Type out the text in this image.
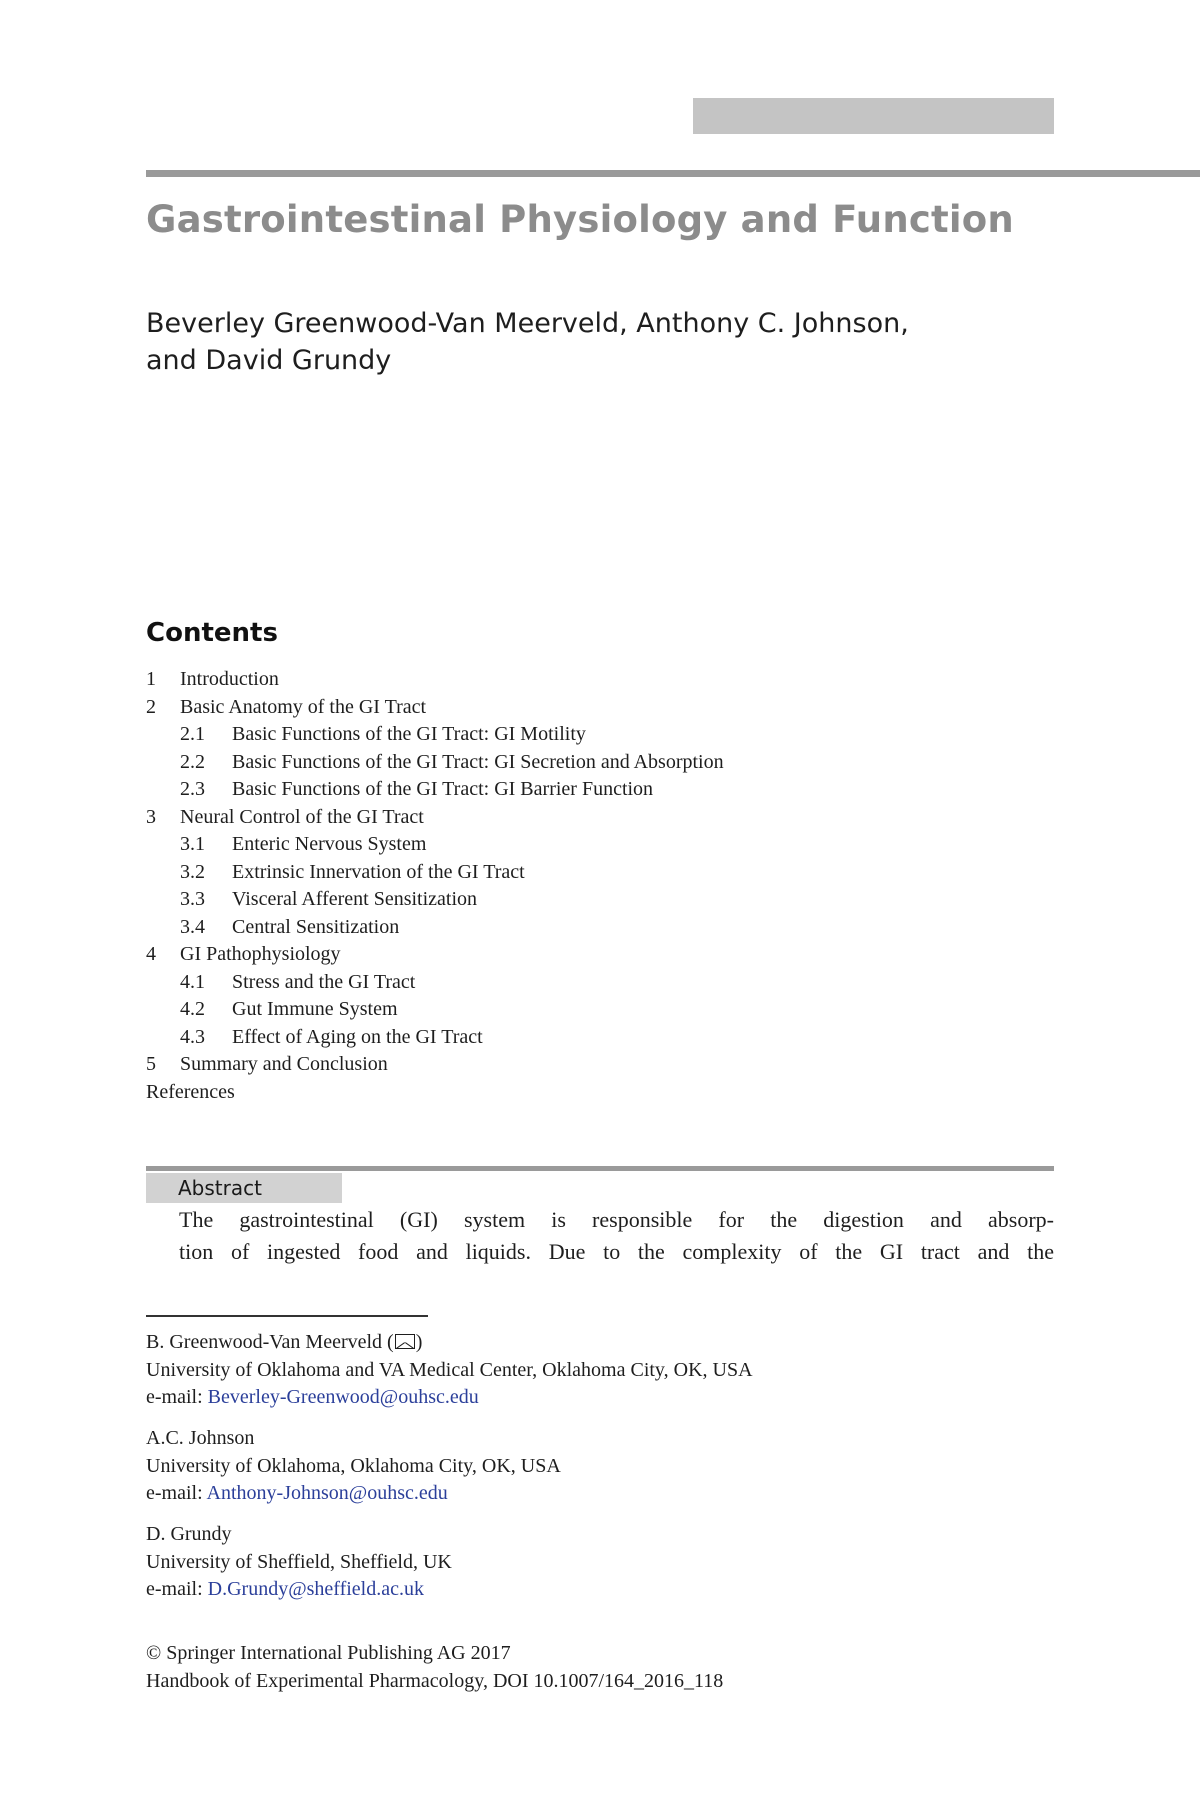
Gastrointestinal Physiology and Function

Beverley Greenwood-Van Meerveld, Anthony C. Johnson,
and David Grundy

Contents
1 Introduction
2 Basic Anatomy of the GI Tract
2.1 Basic Functions of the GI Tract: GI Motility
2.2 Basic Functions of the GI Tract: GI Secretion and Absorption
2.3 Basic Functions of the GI Tract: GI Barrier Function
3 Neural Control of the GI Tract
3.1 Enteric Nervous System
3.2 Extrinsic Innervation of the GI Tract
3.3 Visceral Afferent Sensitization
3.4 Central Sensitization
4 GI Pathophysiology
4.1 Stress and the GI Tract
4.2 Gut Immune System
4.3 Effect of Aging on the GI Tract
5 Summary and Conclusion
References
Abstract

The gastrointestinal (GI) system is responsible for the digestion and absorp-
tion of ingested food and liquids. Due to the complexity of the GI tract and the

B. Greenwood-Van Meerveld ( )
University of Oklahoma and VA Medical Center, Oklahoma City, OK, USA
e-mail: Beverley-Greenwood@ouhsc.edu
A.C. Johnson
University of Oklahoma, Oklahoma City, OK, USA
e-mail: Anthony-Johnson@ouhsc.edu
D. Grundy
University of Sheffield, Sheffield, UK
e-mail: D.Grundy@sheffield.ac.uk
© Springer International Publishing AG 2017
Handbook of Experimental Pharmacology, DOI 10.1007/164_2016_118
